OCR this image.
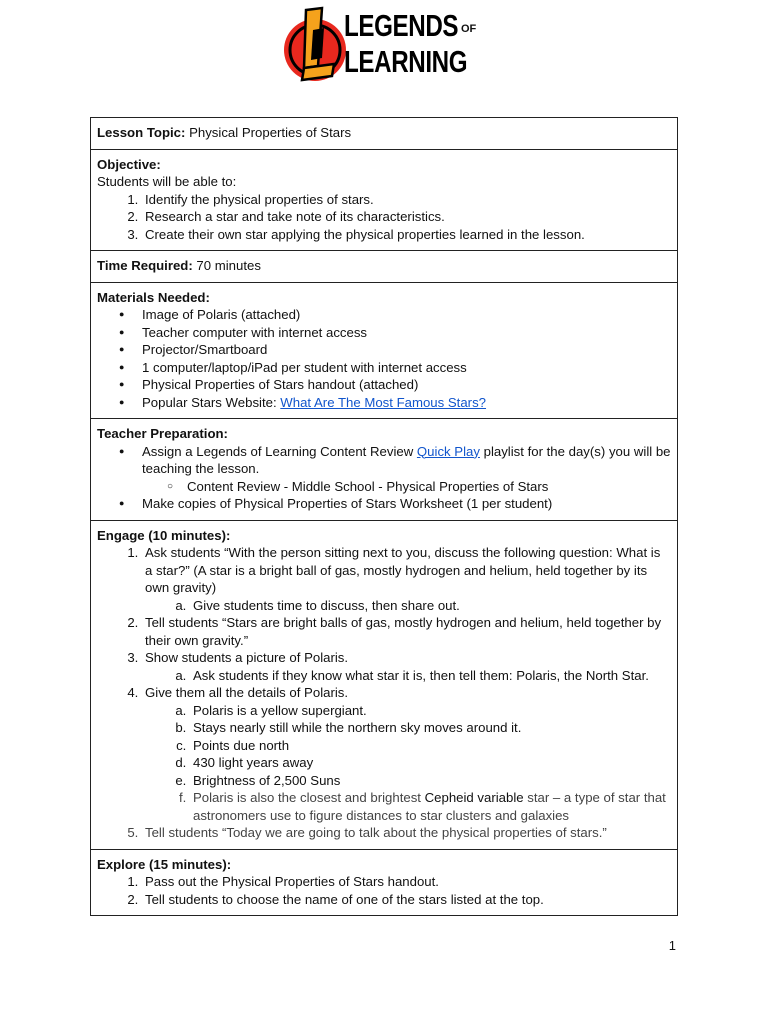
LEGENDS
LEARNING
OF
Lesson Topic: Physical Properties of Stars

Objective:
Students will be able to:
1. Identify the physical properties of stars.
2. Research a star and take note of its characteristics.
3. Create their own star applying the physical properties learned in the lesson.

Time Required: 70 minutes

Materials Needed:
● Image of Polaris (attached)
● Teacher computer with internet access
● Projector/Smartboard
● 1 computer/laptop/iPad per student with internet access
● Physical Properties of Stars handout (attached)
● Popular Stars Website: What Are The Most Famous Stars?

Teacher Preparation:
● Assign a Legends of Learning Content Review Quick Play playlist for the day(s) you will be teaching the lesson.
○ Content Review - Middle School - Physical Properties of Stars
● Make copies of Physical Properties of Stars Worksheet (1 per student)

Engage (10 minutes):
1. Ask students “With the person sitting next to you, discuss the following question: What is a star?” (A star is a bright ball of gas, mostly hydrogen and helium, held together by its own gravity)
a. Give students time to discuss, then share out.
2. Tell students “Stars are bright balls of gas, mostly hydrogen and helium, held together by their own gravity.”
3. Show students a picture of Polaris.
a. Ask students if they know what star it is, then tell them: Polaris, the North Star.
4. Give them all the details of Polaris.
a. Polaris is a yellow supergiant.
b. Stays nearly still while the northern sky moves around it.
c. Points due north
d. 430 light years away
e. Brightness of 2,500 Suns
f. Polaris is also the closest and brightest Cepheid variable star – a type of star that astronomers use to figure distances to star clusters and galaxies
5. Tell students “Today we are going to talk about the physical properties of stars.”

Explore (15 minutes):
1. Pass out the Physical Properties of Stars handout.
2. Tell students to choose the name of one of the stars listed at the top.
1
